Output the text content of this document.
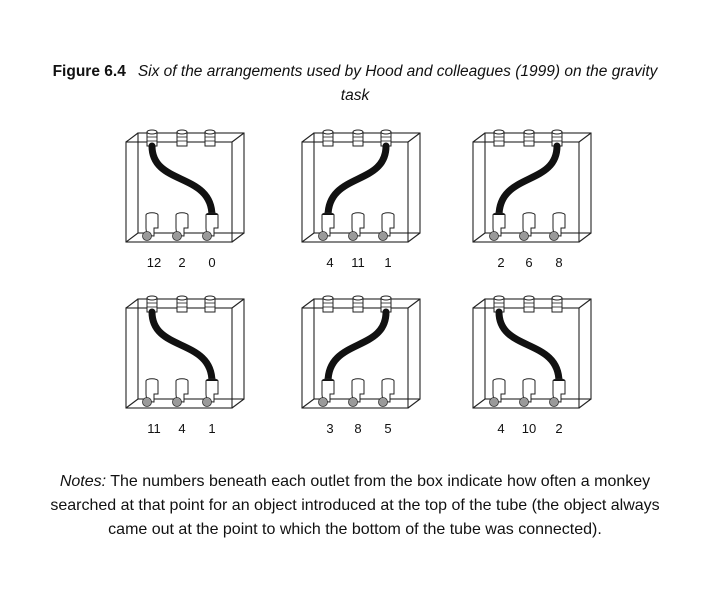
Figure 6.4 Six of the arrangements used by Hood and colleagues (1999) on the gravity task
12 2 0	4 11 1	2 6 8
11 4 1	3 8 5	4 10 2
Notes: The numbers beneath each outlet from the box indicate how often a monkey searched at that point for an object introduced at the top of the tube (the object always came out at the point to which the bottom of the tube was connected).
